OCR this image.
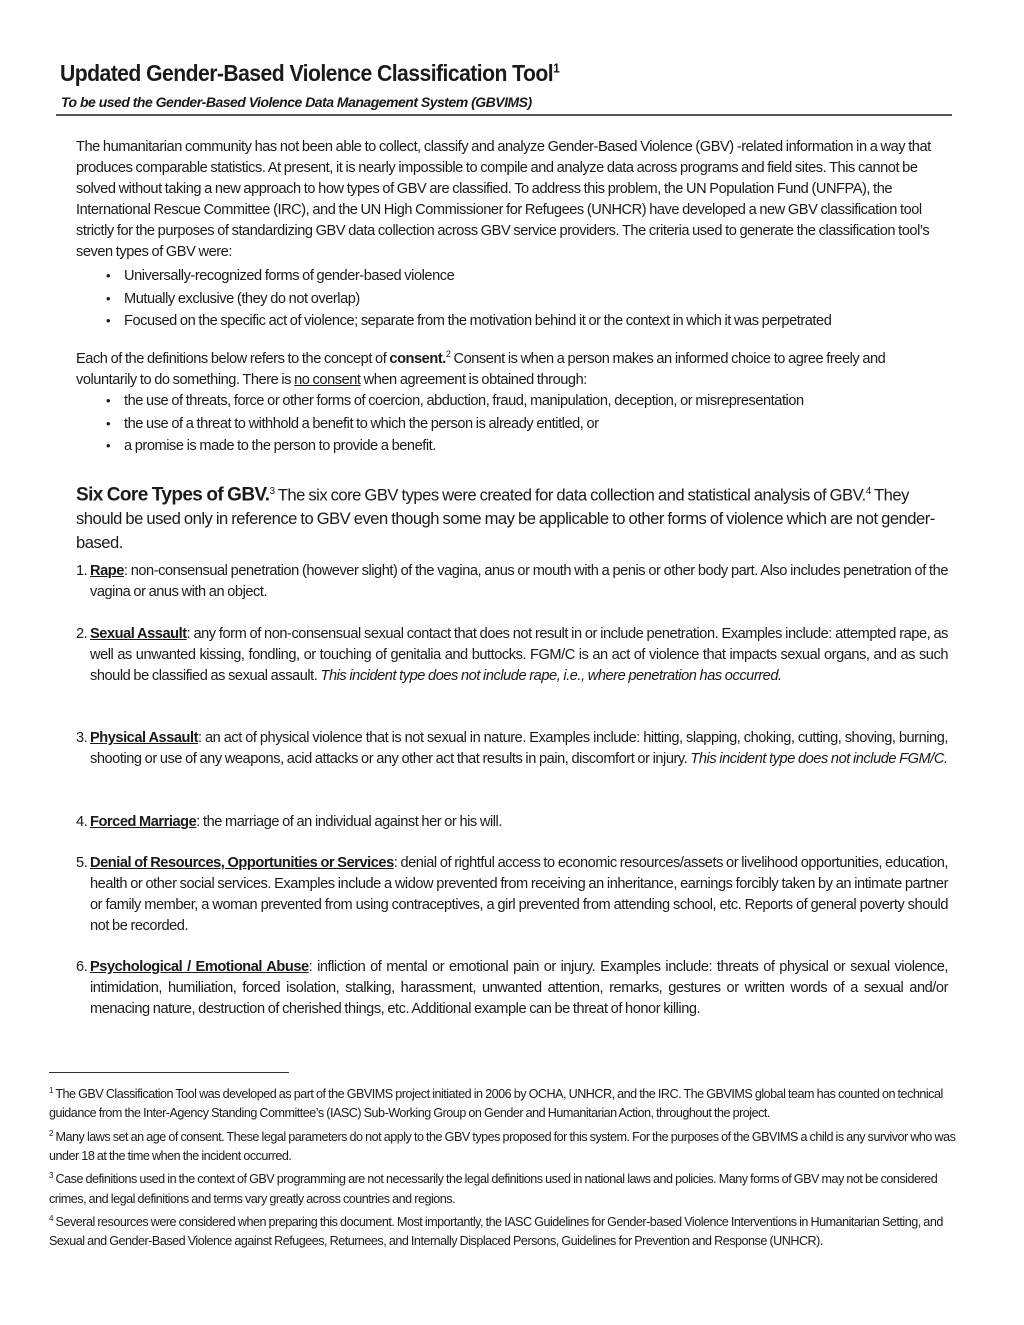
Updated Gender-Based Violence Classification Tool$^1$
To be used the Gender-Based Violence Data Management System (GBVIMS)
The humanitarian community has not been able to collect, classify and analyze Gender-Based Violence (GBV) -related information in a way that produces comparable statistics. At present, it is nearly impossible to compile and analyze data across programs and field sites. This cannot be solved without taking a new approach to how types of GBV are classified. To address this problem, the UN Population Fund (UNFPA), the International Rescue Committee (IRC), and the UN High Commissioner for Refugees (UNHCR) have developed a new GBV classification tool strictly for the purposes of standardizing GBV data collection across GBV service providers. The criteria used to generate the classification tool’s seven types of GBV were:
• Universally-recognized forms of gender-based violence
• Mutually exclusive (they do not overlap)
• Focused on the specific act of violence; separate from the motivation behind it or the context in which it was perpetrated
Each of the definitions below refers to the concept of consent.$^2$ Consent is when a person makes an informed choice to agree freely and voluntarily to do something. There is no consent when agreement is obtained through:
• the use of threats, force or other forms of coercion, abduction, fraud, manipulation, deception, or misrepresentation
• the use of a threat to withhold a benefit to which the person is already entitled, or
• a promise is made to the person to provide a benefit.
Six Core Types of GBV.$^3$ The six core GBV types were created for data collection and statistical analysis of GBV.$^4$ They should be used only in reference to GBV even though some may be applicable to other forms of violence which are not gender-based.
1. Rape: non-consensual penetration (however slight) of the vagina, anus or mouth with a penis or other body part. Also includes penetration of the vagina or anus with an object.
2. Sexual Assault: any form of non-consensual sexual contact that does not result in or include penetration. Examples include: attempted rape, as well as unwanted kissing, fondling, or touching of genitalia and buttocks. FGM/C is an act of violence that impacts sexual organs, and as such should be classified as sexual assault. This incident type does not include rape, i.e., where penetration has occurred.
3. Physical Assault: an act of physical violence that is not sexual in nature. Examples include: hitting, slapping, choking, cutting, shoving, burning, shooting or use of any weapons, acid attacks or any other act that results in pain, discomfort or injury. This incident type does not include FGM/C.
4. Forced Marriage: the marriage of an individual against her or his will.
5. Denial of Resources, Opportunities or Services: denial of rightful access to economic resources/assets or livelihood opportunities, education, health or other social services. Examples include a widow prevented from receiving an inheritance, earnings forcibly taken by an intimate partner or family member, a woman prevented from using contraceptives, a girl prevented from attending school, etc. Reports of general poverty should not be recorded.
6. Psychological / Emotional Abuse: infliction of mental or emotional pain or injury. Examples include: threats of physical or sexual violence, intimidation, humiliation, forced isolation, stalking, harassment, unwanted attention, remarks, gestures or written words of a sexual and/or menacing nature, destruction of cherished things, etc. Additional example can be threat of honor killing.

$^1$ The GBV Classification Tool was developed as part of the GBVIMS project initiated in 2006 by OCHA, UNHCR, and the IRC. The GBVIMS global team has counted on technical guidance from the Inter-Agency Standing Committee’s (IASC) Sub-Working Group on Gender and Humanitarian Action, throughout the project.

$^2$ Many laws set an age of consent. These legal parameters do not apply to the GBV types proposed for this system. For the purposes of the GBVIMS a child is any survivor who was under 18 at the time when the incident occurred.

$^3$ Case definitions used in the context of GBV programming are not necessarily the legal definitions used in national laws and policies. Many forms of GBV may not be considered crimes, and legal definitions and terms vary greatly across countries and regions.

$^4$ Several resources were considered when preparing this document. Most importantly, the IASC Guidelines for Gender-based Violence Interventions in Humanitarian Setting, and Sexual and Gender-Based Violence against Refugees, Returnees, and Internally Displaced Persons, Guidelines for Prevention and Response (UNHCR).
